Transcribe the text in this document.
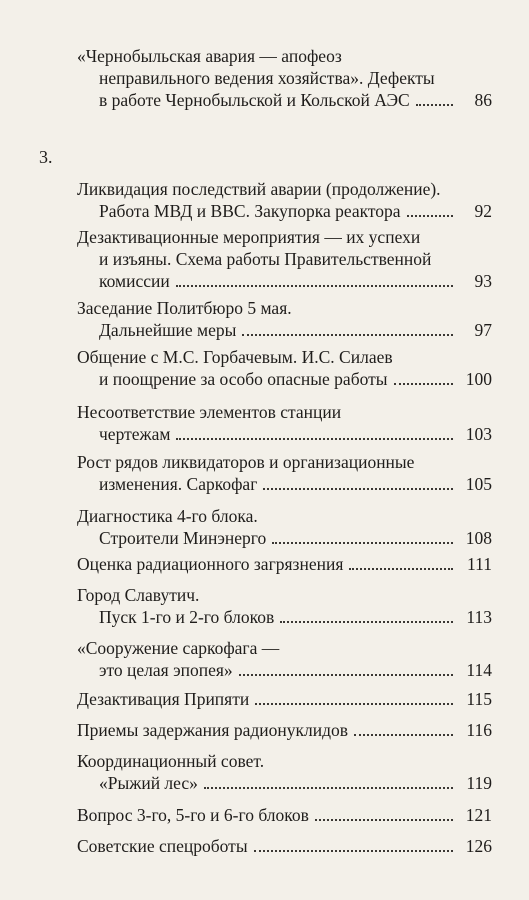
«Чернобыльская авария — апофеоз
неправильного ведения хозяйства». Дефекты
в работе Чернобыльской и Кольской АЭС	86
3.
Ликвидация последствий аварии (продолжение).
Работа МВД и ВВС. Закупорка реактора	92
Дезактивационные мероприятия — их успехи
и изъяны. Схема работы Правительственной
комиссии	93
Заседание Политбюро 5 мая.
Дальнейшие меры	97
Общение с М.С. Горбачевым. И.С. Силаев
и поощрение за особо опасные работы	100
Несоответствие элементов станции
чертежам	103
Рост рядов ликвидаторов и организационные
изменения. Саркофаг	105
Диагностика 4-го блока.
Строители Минэнерго	108
Оценка радиационного загрязнения	111
Город Славутич.
Пуск 1-го и 2-го блоков	113
«Сооружение саркофага —
это целая эпопея»	114
Дезактивация Припяти	115
Приемы задержания радионуклидов	116
Координационный совет.
«Рыжий лес»	119
Вопрос 3-го, 5-го и 6-го блоков	121
Советские спецроботы	126
